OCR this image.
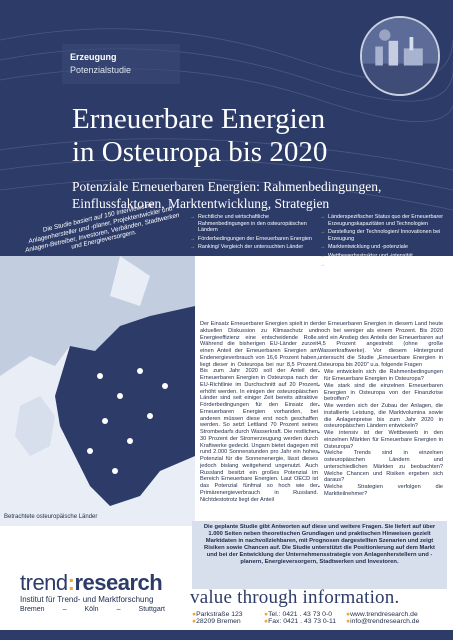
Erzeugung
Potenzialstudie
Erneuerbare Energien
in Osteuropa bis 2020
Potenziale Erneuerbaren Energien: Rahmenbedingungen,
Einflussfaktoren, Marktentwicklung, Strategien
Die Studie basiert auf 150 Interviews mit Anlagenhersteller und -planer, Projektentwickler und Anlagen-Betreiber, Investoren, Verbänden, Stadtwerken und Energieversorgern.
→ Rechtliche und wirtschaftliche Rahmenbedingungen in den osteuropäischen Ländern
→ Förderbedingungen der Erneuerbaren Energien
→ Ranking/ Vergleich der untersuchten Länder
→ Länderspezifischer Status quo der Erneuerbarer Erzeugungskapazitäten und Technologien
→ Darstellung der Technologien/ Innovationen bei Erzeugung
→ Marktentwicklung und -potenziale
→ Wettbewerbsstruktur und -intensität
→ Ableitung möglicher Strategieoptionen
Betrachtete osteuropäische Länder
Der Einsatz Erneuerbarer Energien spielt in der aktuellen Diskussion zu Klimaschutz und Energieeffizienz eine entscheidende Rolle. Während die bisherigen EU-Länder zurzeit einen Anteil der Erneuerbaren Energien am Endenergieverbrauch von 16,6 Prozent haben, liegt dieser in Osteuropa bei nur 8,5 Prozent. Bis zum Jahr 2020 soll der Anteil der Erneuerbaren Energien in Osteuropa nach der EU-Richtlinie im Durchschnitt auf 20 Prozent erhöht werden. In einigen der osteuropäischen Länder sind seit einiger Zeit bereits attraktive Förderbedingungen für den Einsatz der Erneuerbaren Energien vorhanden, bei anderen müssen diese erst noch geschaffen werden. So setzt Lettland 70 Prozent seines Strombedarfs durch Wasserkraft. Die restlichen 30 Prozent der Stromerzeugung werden durch Kraftwerke gedeckt. Ungarn bietet dagegen mit rund 2.000 Sonnenstunden pro Jahr ein hohes Potenzial für die Sonnenenergie, lässt dieses jedoch bislang weitgehend ungenutzt. Auch Russland besitzt ein großes Potenzial im Bereich Erneuerbare Energien. Laut OECD ist das Potenzial fünfmal so hoch wie der Primärenergieverbrauch in Russland. Nichtdestotrotz liegt der Anteil
der Erneuerbaren Energien in diesem Land heute noch bei weniger als einem Prozent. Bis 2020 wird ein Anstieg des Anteils der Erneuerbaren auf 4,5 Prozent angestrebt (ohne große Wasserkraftwerke). Vor diesem Hintergrund untersucht die Studie „Erneuerbare Energien in Osteuropa bis 2020" u.a. folgende Fragen
▪ Wie entwickeln sich die Rahmenbedingungen für Erneuerbare Energien in Osteuropa?
▪ Wie stark sind die einzelnen Erneuerbaren Energien in Osteuropa von der Finanzkrise betroffen?
▪ Wie werden sich der Zubau der Anlagen, die installierte Leistung, die Marktvolumina sowie die Anlagenpreise bis zum Jahr 2020 in osteuropäischen Ländern entwickeln?
▪ Wie intensiv ist der Wettbewerb in den einzelnen Märkten für Erneuerbare Energien in Osteuropa?
▪ Welche Trends sind in einzelnen osteuropäischen Ländern und unterschiedlichen Märkten zu beobachten? Welche Chancen und Risiken ergeben sich daraus?
▪ Welche Strategien verfolgen die Marktteilnehmer?
Die geplante Studie gibt Antworten auf diese und weitere Fragen. Sie liefert auf über 1.000 Seiten neben theoretischen Grundlagen und praktischen Hinweisen gezielt Marktdaten in nachvollziehbaren, mit Prognosen dargestellten Szenarien und zeigt Risiken sowie Chancen auf. Die Studie unterstützt die Positionierung auf dem Markt und bei der Entwicklung der Unternehmensstrategie von Anlagenherstellern und -planern, Energieversorgern, Stadtwerken und Investoren.
trend:research
Institut für Trend- und Marktforschung
Bremen	–	Köln	–	Stuttgart
value through information.
●Parkstraße 123	●Tel.: 0421 . 43 73 0-0	●www.trendresearch.de
●28209 Bremen	●Fax: 0421 . 43 73 0-11	●info@trendresearch.de
